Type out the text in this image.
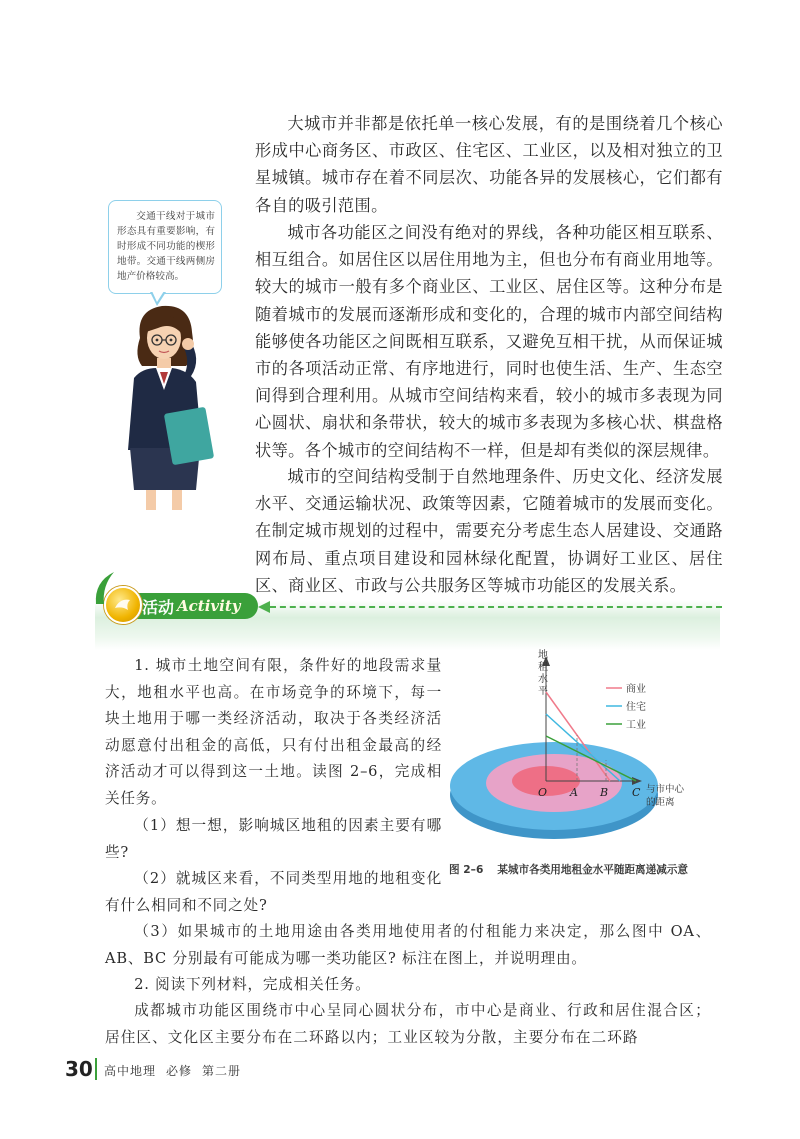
大城市并非都是依托单一核心发展，有的是围绕着几个核心形成中心商务区、市政区、住宅区、工业区，以及相对独立的卫星城镇。城市存在着不同层次、功能各异的发展核心，它们都有各自的吸引范围。

城市各功能区之间没有绝对的界线，各种功能区相互联系、相互组合。如居住区以居住用地为主，但也分布有商业用地等。较大的城市一般有多个商业区、工业区、居住区等。这种分布是随着城市的发展而逐渐形成和变化的，合理的城市内部空间结构能够使各功能区之间既相互联系，又避免互相干扰，从而保证城市的各项活动正常、有序地进行，同时也使生活、生产、生态空间得到合理利用。从城市空间结构来看，较小的城市多表现为同心圆状、扇状和条带状，较大的城市多表现为多核心状、棋盘格状等。各个城市的空间结构不一样，但是却有类似的深层规律。

城市的空间结构受制于自然地理条件、历史文化、经济发展水平、交通运输状况、政策等因素，它随着城市的发展而变化。在制定城市规划的过程中，需要充分考虑生态人居建设、交通路网布局、重点项目建设和园林绿化配置，协调好工业区、居住区、商业区、市政与公共服务区等城市功能区的发展关系。

交通干线对于城市形态具有重要影响，有时形成不同功能的楔形地带。交通干线两侧房地产价格较高。
活动 Activity

1. 城市土地空间有限，条件好的地段需求量大，地租水平也高。在市场竞争的环境下，每一块土地用于哪一类经济活动，取决于各类经济活动愿意付出租金的高低，只有付出租金最高的经济活动才可以得到这一土地。读图 2–6，完成相关任务。

（1）想一想，影响城区地租的因素主要有哪些?

（2）就城区来看，不同类型用地的地租变化有什么相同和不同之处?

（3）如果城市的土地用途由各类用地使用者的付租能力来决定，那么图中 OA、AB、BC 分别最有可能成为哪一类功能区? 标注在图上，并说明理由。

2. 阅读下列材料，完成相关任务。

成都城市功能区围绕市中心呈同心圆状分布，市中心是商业、行政和居住混合区；居住区、文化区主要分布在二环路以内；工业区较为分散，主要分布在二环路

地 租 水 平
O A B C 与市中心 的距离
商业
住宅
工业
图 2–6 某城市各类用地租金水平随距离递减示意
30 高中地理 必修 第二册
